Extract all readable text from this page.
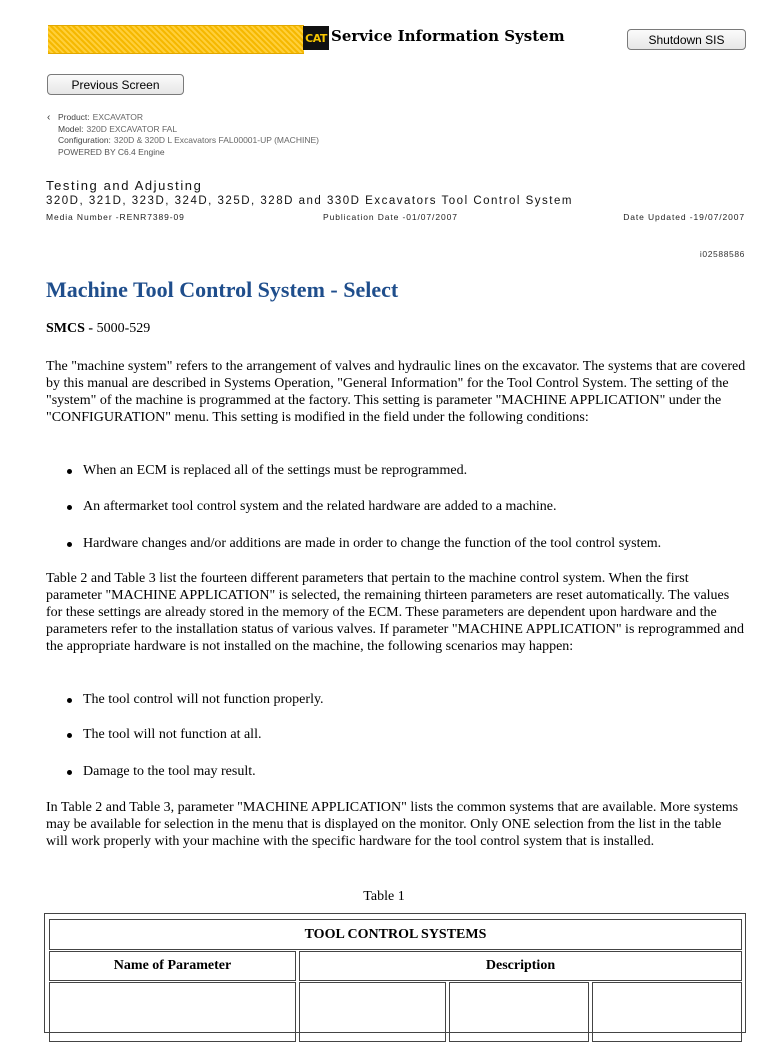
CAT Service Information System	Shutdown SIS
Previous Screen
‹ Product: EXCAVATOR
Model: 320D EXCAVATOR FAL
Configuration: 320D & 320D L Excavators FAL00001-UP (MACHINE)
POWERED BY C6.4 Engine
Testing and Adjusting
320D, 321D, 323D, 324D, 325D, 328D and 330D Excavators Tool Control System
Media Number -RENR7389-09	Publication Date -01/07/2007	Date Updated -19/07/2007
i02588586
Machine Tool Control System - Select
SMCS - 5000-529

The "machine system" refers to the arrangement of valves and hydraulic lines on the excavator. The systems that are covered by this manual are described in Systems Operation, "General Information" for the Tool Control System. The setting of the "system" of the machine is programmed at the factory. This setting is parameter "MACHINE APPLICATION" under the "CONFIGURATION" menu. This setting is modified in the field under the following conditions:

When an ECM is replaced all of the settings must be reprogrammed.
An aftermarket tool control system and the related hardware are added to a machine.
Hardware changes and/or additions are made in order to change the function of the tool control system.

Table 2 and Table 3 list the fourteen different parameters that pertain to the machine control system. When the first parameter "MACHINE APPLICATION" is selected, the remaining thirteen parameters are reset automatically. The values for these settings are already stored in the memory of the ECM. These parameters are dependent upon hardware and the parameters refer to the installation status of various valves. If parameter "MACHINE APPLICATION" is reprogrammed and the appropriate hardware is not installed on the machine, the following scenarios may happen:

The tool control will not function properly.
The tool will not function at all.
Damage to the tool may result.

In Table 2 and Table 3, parameter "MACHINE APPLICATION" lists the common systems that are available. More systems may be available for selection in the menu that is displayed on the monitor. Only ONE selection from the list in the table will work properly with your machine with the specific hardware for the tool control system that is installed.

Table 1
TOOL CONTROL SYSTEMS
Name of Parameter	Description
